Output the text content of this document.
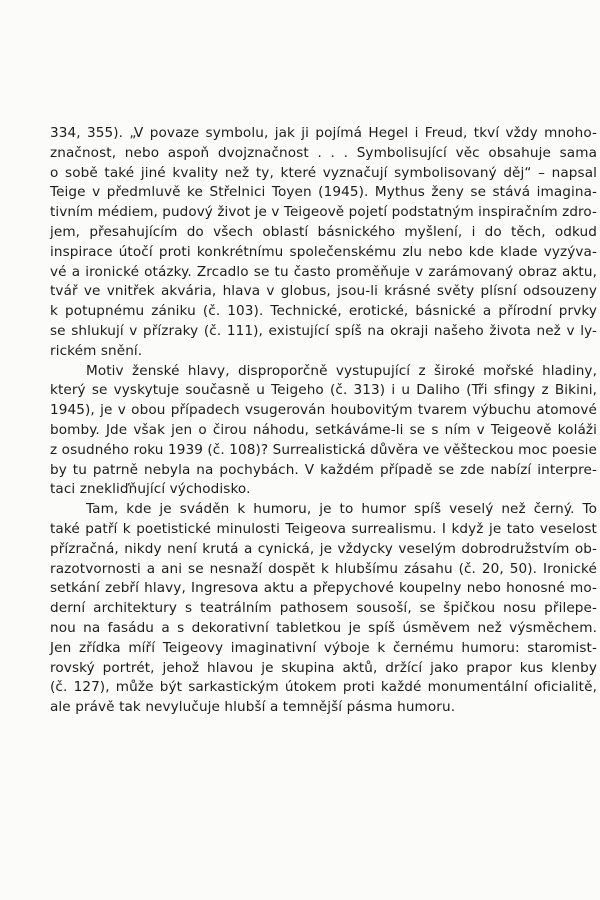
334, 355). „V povaze symbolu, jak ji pojímá Hegel i Freud, tkví vždy mnoho-
značnost, nebo aspoň dvojznačnost . . . Symbolisující věc obsahuje sama
o sobě také jiné kvality než ty, které vyznačují symbolisovaný děj“ – napsal
Teige v předmluvě ke Střelnici Toyen (1945). Mythus ženy se stává imagina-
tivním médiem, pudový život je v Teigeově pojetí podstatným inspiračním zdro-
jem, přesahujícím do všech oblastí básnického myšlení, i do těch, odkud
inspirace útočí proti konkrétnímu společenskému zlu nebo kde klade vyzýva-
vé a ironické otázky. Zrcadlo se tu často proměňuje v zarámovaný obraz aktu,
tvář ve vnitřek akvária, hlava v globus, jsou-li krásné světy plísní odsouzeny
k potupnému zániku (č. 103). Technické, erotické, básnické a přírodní prvky
se shlukují v přízraky (č. 111), existující spíš na okraji našeho života než v ly-
rickém snění.
Motiv ženské hlavy, disproporčně vystupující z široké mořské hladiny,
který se vyskytuje současně u Teigeho (č. 313) i u Daliho (Tři sfingy z Bikini,
1945), je v obou případech vsugerován houbovitým tvarem výbuchu atomové
bomby. Jde však jen o čirou náhodu, setkáváme-li se s ním v Teigeově koláži
z osudného roku 1939 (č. 108)? Surrealistická důvěra ve věšteckou moc poesie
by tu patrně nebyla na pochybách. V každém případě se zde nabízí interpre-
taci znekliďňující východisko.
Tam, kde je sváděn k humoru, je to humor spíš veselý než černý. To
také patří k poetistické minulosti Teigeova surrealismu. I když je tato veselost
přízračná, nikdy není krutá a cynická, je vždycky veselým dobrodružstvím ob-
razotvornosti a ani se nesnaží dospět k hlubšímu zásahu (č. 20, 50). Ironické
setkání zebří hlavy, Ingresova aktu a přepychové koupelny nebo honosné mo-
derní architektury s teatrálním pathosem sousoší, se špičkou nosu přilepe-
nou na fasádu a s dekorativní tabletkou je spíš úsměvem než výsměchem.
Jen zřídka míří Teigeovy imaginativní výboje k černému humoru: staromist-
rovský portrét, jehož hlavou je skupina aktů, držící jako prapor kus klenby
(č. 127), může být sarkastickým útokem proti každé monumentální oficialitě,
ale právě tak nevylučuje hlubší a temnější pásma humoru.
